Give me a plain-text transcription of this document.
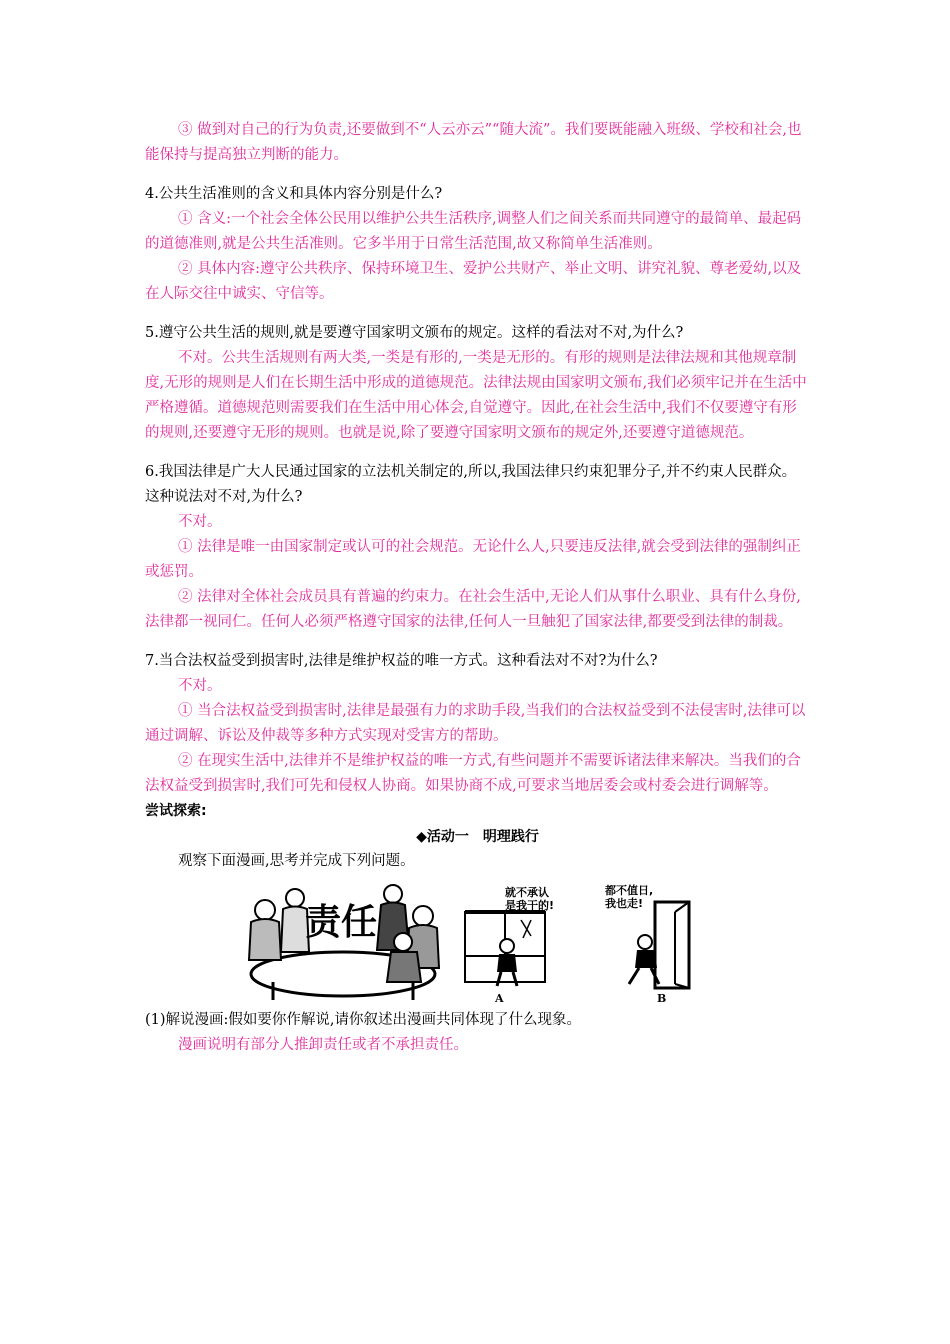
③ 做到对自己的行为负责,还要做到不“人云亦云”“随大流”。我们要既能融入班级、学校和社会,也能保持与提高独立判断的能力。

4.公共生活准则的含义和具体内容分别是什么?

① 含义:一个社会全体公民用以维护公共生活秩序,调整人们之间关系而共同遵守的最简单、最起码的道德准则,就是公共生活准则。它多半用于日常生活范围,故又称简单生活准则。

② 具体内容:遵守公共秩序、保持环境卫生、爱护公共财产、举止文明、讲究礼貌、尊老爱幼,以及在人际交往中诚实、守信等。

5.遵守公共生活的规则,就是要遵守国家明文颁布的规定。这样的看法对不对,为什么?

不对。公共生活规则有两大类,一类是有形的,一类是无形的。有形的规则是法律法规和其他规章制度,无形的规则是人们在长期生活中形成的道德规范。法律法规由国家明文颁布,我们必须牢记并在生活中严格遵循。道德规范则需要我们在生活中用心体会,自觉遵守。因此,在社会生活中,我们不仅要遵守有形的规则,还要遵守无形的规则。也就是说,除了要遵守国家明文颁布的规定外,还要遵守道德规范。

6.我国法律是广大人民通过国家的立法机关制定的,所以,我国法律只约束犯罪分子,并不约束人民群众。这种说法对不对,为什么?

不对。

① 法律是唯一由国家制定或认可的社会规范。无论什么人,只要违反法律,就会受到法律的强制纠正或惩罚。

② 法律对全体社会成员具有普遍的约束力。在社会生活中,无论人们从事什么职业、具有什么身份,法律都一视同仁。任何人必须严格遵守国家的法律,任何人一旦触犯了国家法律,都要受到法律的制裁。

7.当合法权益受到损害时,法律是维护权益的唯一方式。这种看法对不对?为什么?

不对。

① 当合法权益受到损害时,法律是最强有力的求助手段,当我们的合法权益受到不法侵害时,法律可以通过调解、诉讼及仲裁等多种方式实现对受害方的帮助。

② 在现实生活中,法律并不是维护权益的唯一方式,有些问题并不需要诉诸法律来解决。当我们的合法权益受到损害时,我们可先和侵权人协商。如果协商不成,可要求当地居委会或村委会进行调解等。

尝试探索:

◆活动一　明理践行

观察下面漫画,思考并完成下列问题。

责任
就不承认
是我干的!
A
都不值日,
我也走!
B

(1)解说漫画:假如要你作解说,请你叙述出漫画共同体现了什么现象。

漫画说明有部分人推卸责任或者不承担责任。
